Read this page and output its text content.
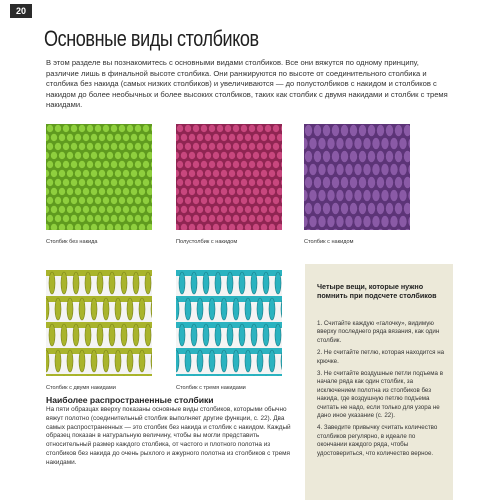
20
Основные виды столбиков
В этом разделе вы познакомитесь с основными видами столбиков. Все они вяжутся по одному принципу, различие лишь в финальной высоте столбика. Они ранжируются по высоте от соединительного столбика и столбика без накида (самых низких столбиков) и увеличиваются — до полустолбиков с накидом и столбиков с накидом до более необычных и более высоких столбиков, таких как столбик с двумя накидами и столбик с тремя накидами.
Столбик без накида	Полустолбик с накидом	Столбик с накидом
Столбик с двумя накидами	Столбик с тремя накидами
Наиболее распространенные столбики
На пяти образцах вверху показаны основные виды столбиков, которыми обычно вяжут полотно (соединительный столбик выполняет другие функции, с. 22). Два самых распространенных — это столбик без накида и столбик с накидом. Каждый образец показан в натуральную величину, чтобы вы могли представить относительный размер каждого столбика, от частого и плотного полотна из столбиков без накида до очень рыхлого и ажурного полотна из столбиков с тремя накидами.
Четыре вещи, которые нужно помнить при подсчете столбиков
1. Считайте каждую «галочку», видимую вверху последнего ряда вязания, как один столбик.
2. Не считайте петлю, которая находится на крючке.
3. Не считайте воздушные петли подъема в начале ряда как один столбик, за исключением полотна из столбиков без накида, где воздушную петлю подъема считать не надо, если только для узора не дано иное указание (с. 22).
4. Заведите привычку считать количество столбиков регулярно, в идеале по окончании каждого ряда, чтобы удостовериться, что количество верное.
